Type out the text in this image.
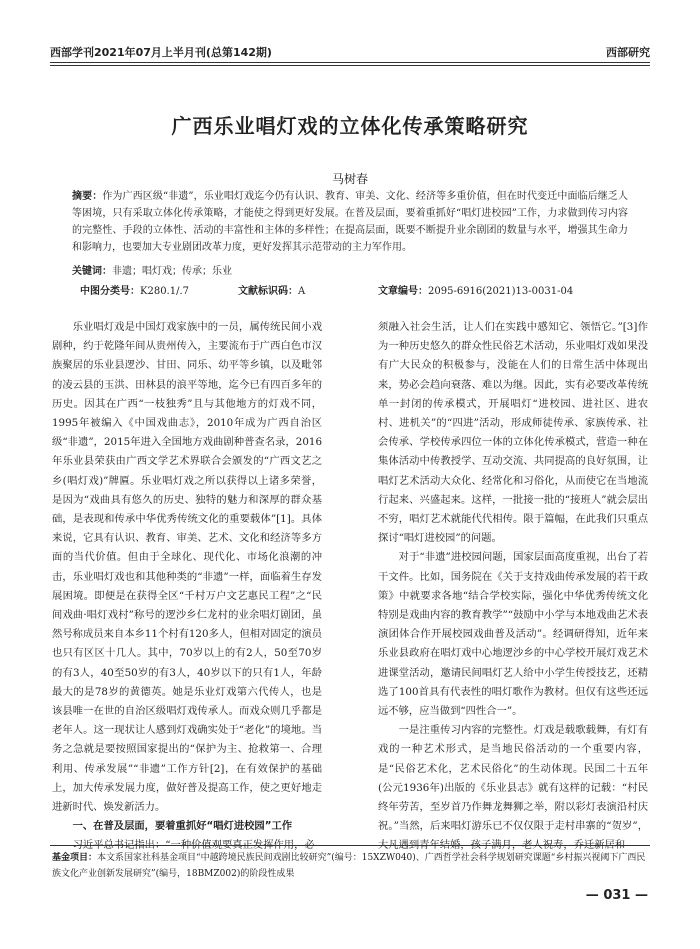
西部学刊2021年07月上半月刊(总第142期)	西部研究
广西乐业唱灯戏的立体化传承策略研究
马树春
摘要：作为广西区级“非遗”，乐业唱灯戏迄今仍有认识、教育、审美、文化、经济等多重价值，但在时代变迁中面临后继乏人等困境，只有采取立体化传承策略，才能使之得到更好发展。在普及层面，要着重抓好“唱灯进校园”工作，力求做到传习内容的完整性、手段的立体性、活动的丰富性和主体的多样性；在提高层面，既要不断提升业余剧团的数量与水平，增强其生命力和影响力，也要加大专业剧团改革力度，更好发挥其示范带动的主力军作用。
关键词：非遗；唱灯戏；传承；乐业
中图分类号：K280.1/.7	文献标识码：A	文章编号：2095-6916(2021)13-0031-04

乐业唱灯戏是中国灯戏家族中的一员，属传统民间小戏剧种，约于乾隆年间从贵州传入，主要流布于广西白色市汉族聚居的乐业县逻沙、甘田、同乐、幼平等乡镇，以及毗邻的凌云县的玉洪、田林县的浪平等地，迄今已有四百多年的历史。因其在广西“一枝独秀”且与其他地方的灯戏不同，1995年被编入《中国戏曲志》，2010年成为广西自治区级“非遗”，2015年进入全国地方戏曲剧种普查名录，2016年乐业县荣获由广西文学艺术界联合会颁发的“广西文艺之乡(唱灯戏)”牌匾。乐业唱灯戏之所以获得以上诸多荣誉，是因为“戏曲具有悠久的历史、独特的魅力和深厚的群众基础，是表现和传承中华优秀传统文化的重要载体”[1]。具体来说，它具有认识、教育、审美、艺术、文化和经济等多方面的当代价值。但由于全球化、现代化、市场化浪潮的冲击，乐业唱灯戏也和其他种类的“非遗”一样，面临着生存发展困境。即便是在获得全区“千村万户文艺惠民工程”之“民间戏曲·唱灯戏村”称号的逻沙乡仁龙村的业余唱灯剧团，虽然号称成员来自本乡11个村有120多人，但相对固定的演员也只有区区十几人。其中，70岁以上的有2人，50至70岁的有3人，40至50岁的有3人，40岁以下的只有1人，年龄最大的是78岁的黄德英。她是乐业灯戏第六代传人，也是该县唯一在世的自治区级唱灯戏传承人。而戏众则几乎都是老年人。这一现状让人感到灯戏确实处于“老化”的境地。当务之急就是要按照国家提出的“保护为主、抢救第一、合理利用、传承发展”“非遗”工作方针[2]，在有效保护的基础上，加大传承发展力度，做好普及提高工作，使之更好地走进新时代、焕发新活力。

一、在普及层面，要着重抓好“唱灯进校园”工作

习近平总书记指出：“一种价值观要真正发挥作用，必

须融入社会生活，让人们在实践中感知它、领悟它。”[3]作为一种历史悠久的群众性民俗艺术活动，乐业唱灯戏如果没有广大民众的积极参与，没能在人们的日常生活中体现出来，势必会趋向衰落、难以为继。因此，实有必要改革传统单一封闭的传承模式，开展唱灯“进校园、进社区、进农村、进机关”的“四进”活动，形成师徒传承、家族传承、社会传承、学校传承四位一体的立体化传承模式，营造一种在集体活动中传教授学、互动交流、共同提高的良好氛围，让唱灯艺术活动大众化、经常化和习俗化，从而使它在当地流行起来、兴盛起来。这样，一批接一批的“接班人”就会层出不穷，唱灯艺术就能代代相传。限于篇幅，在此我们只重点探讨“唱灯进校园”的问题。

对于“非遗”进校园问题，国家层面高度重视，出台了若干文件。比如，国务院在《关于支持戏曲传承发展的若干政策》中就要求各地“结合学校实际，强化中华优秀传统文化特别是戏曲内容的教育教学”“鼓励中小学与本地戏曲艺术表演团体合作开展校园戏曲普及活动”。经调研得知，近年来乐业县政府在唱灯戏中心地逻沙乡的中心学校开展灯戏艺术进课堂活动，邀请民间唱灯艺人给中小学生传授技艺，还精选了100首具有代表性的唱灯歌作为教材。但仅有这些还远远不够，应当做到“四性合一”。

一是注重传习内容的完整性。灯戏是载歌载舞，有灯有戏的一种艺术形式，是当地民俗活动的一个重要内容，是“民俗艺术化，艺术民俗化”的生动体现。民国二十五年(公元1936年)出版的《乐业县志》就有这样的记载：“村民终年劳苦，至岁首乃作舞龙舞狮之举，附以彩灯表演沿村庆祝。”当然，后来唱灯游乐已不仅仅限于走村串寨的“贺岁”，大凡遇到青年结婚，孩子满月，老人祝寿，乔迁新居和

基金项目：本文系国家社科基金项目“中越跨境民族民间戏剧比较研究”(编号：15XZW040)、广西哲学社会科学规划研究课题“乡村振兴视阈下广西民族文化产业创新发展研究”(编号，18BMZ002)的阶段性成果
— 031 —
